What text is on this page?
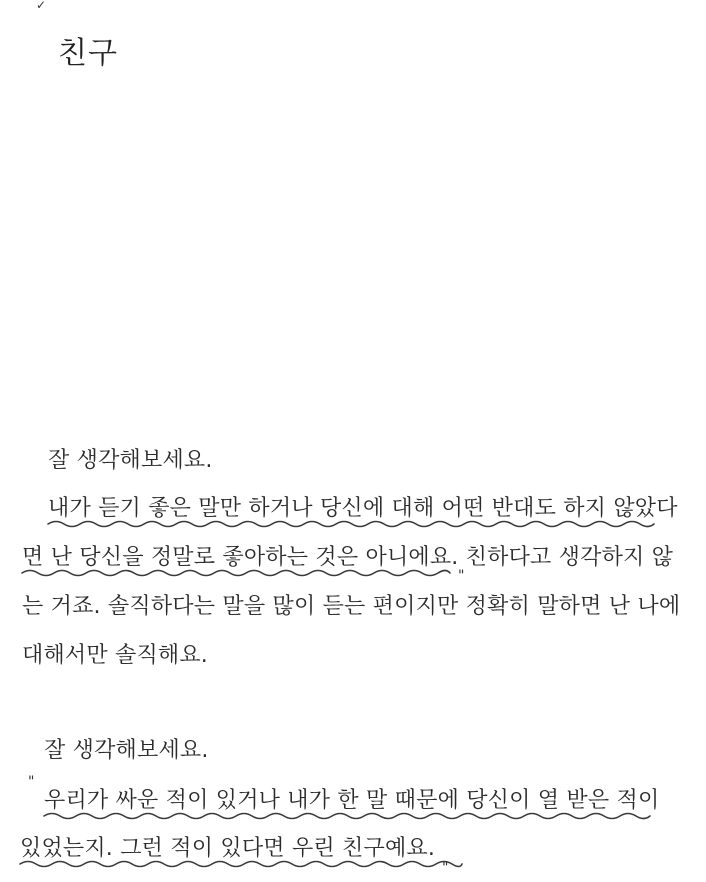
✓
친구
잘 생각해보세요.
내가 듣기 좋은 말만 하거나 당신에 대해 어떤 반대도 하지 않았다
면 난 당신을 정말로 좋아하는 것은 아니에요. 친하다고 생각하지 않
는 거죠. 솔직하다는 말을 많이 듣는 편이지만 정확히 말하면 난 나에
대해서만 솔직해요.
잘 생각해보세요.
우리가 싸운 적이 있거나 내가 한 말 때문에 당신이 열 받은 적이
있었는지. 그런 적이 있다면 우린 친구예요.
"
"
"
